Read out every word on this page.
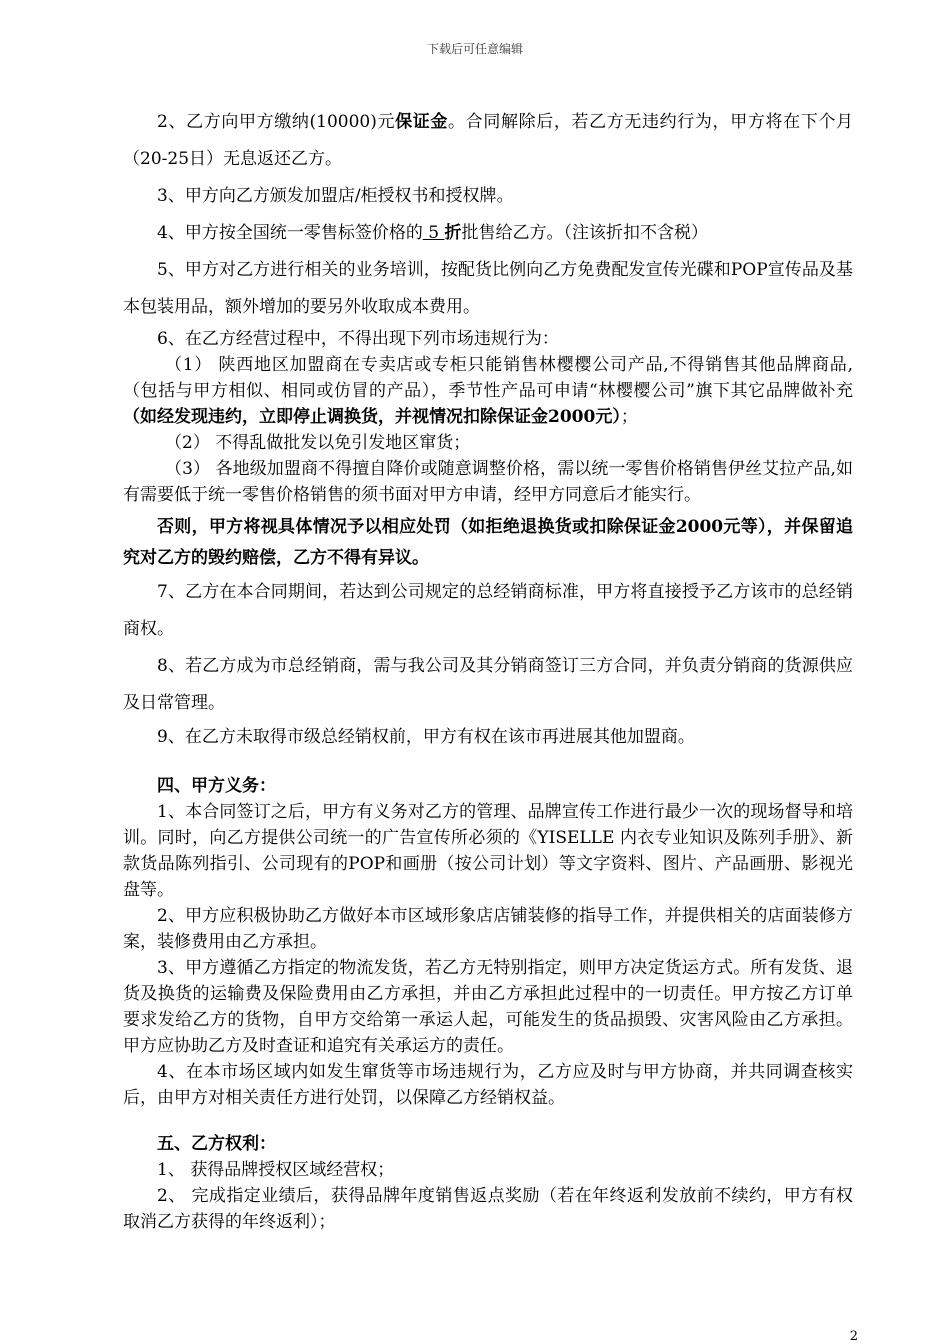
下载后可任意编辑

2、乙方向甲方缴纳(10000)元保证金。合同解除后，若乙方无违约行为，甲方将在下个月（20-25日）无息返还乙方。

3、甲方向乙方颁发加盟店/柜授权书和授权牌。

4、甲方按全国统一零售标签价格的 5 折批售给乙方。（注该折扣不含税）

5、甲方对乙方进行相关的业务培训，按配货比例向乙方免费配发宣传光碟和POP宣传品及基本包装用品，额外增加的要另外收取成本费用。

6、在乙方经营过程中，不得出现下列市场违规行为：

（1） 陕西地区加盟商在专卖店或专柜只能销售林樱樱公司产品,不得销售其他品牌商品,（包括与甲方相似、相同或仿冒的产品），季节性产品可申请“林樱樱公司”旗下其它品牌做补充（如经发现违约，立即停止调换货，并视情况扣除保证金2000元）；

（2） 不得乱做批发以免引发地区窜货；

（3） 各地级加盟商不得擅自降价或随意调整价格，需以统一零售价格销售伊丝艾拉产品,如有需要低于统一零售价格销售的须书面对甲方申请，经甲方同意后才能实行。

否则，甲方将视具体情况予以相应处罚（如拒绝退换货或扣除保证金2000元等），并保留追究对乙方的毁约赔偿，乙方不得有异议。

7、乙方在本合同期间，若达到公司规定的总经销商标准，甲方将直接授予乙方该市的总经销商权。

8、若乙方成为市总经销商，需与我公司及其分销商签订三方合同，并负责分销商的货源供应及日常管理。

9、在乙方未取得市级总经销权前，甲方有权在该市再进展其他加盟商。

四、甲方义务：

1、本合同签订之后，甲方有义务对乙方的管理、品牌宣传工作进行最少一次的现场督导和培训。同时，向乙方提供公司统一的广告宣传所必须的《YISELLE 内衣专业知识及陈列手册》、新款货品陈列指引、公司现有的POP和画册（按公司计划）等文字资料、图片、产品画册、影视光盘等。

2、甲方应积极协助乙方做好本市区域形象店店铺装修的指导工作，并提供相关的店面装修方案，装修费用由乙方承担。

3、甲方遵循乙方指定的物流发货，若乙方无特别指定，则甲方决定货运方式。所有发货、退货及换货的运输费及保险费用由乙方承担，并由乙方承担此过程中的一切责任。甲方按乙方订单要求发给乙方的货物，自甲方交给第一承运人起，可能发生的货品损毁、灾害风险由乙方承担。甲方应协助乙方及时查证和追究有关承运方的责任。

4、在本市场区域内如发生窜货等市场违规行为，乙方应及时与甲方协商，并共同调查核实后，由甲方对相关责任方进行处罚，以保障乙方经销权益。

五、乙方权利：

1、 获得品牌授权区域经营权；

2、 完成指定业绩后，获得品牌年度销售返点奖励（若在年终返利发放前不续约，甲方有权取消乙方获得的年终返利）；

2
